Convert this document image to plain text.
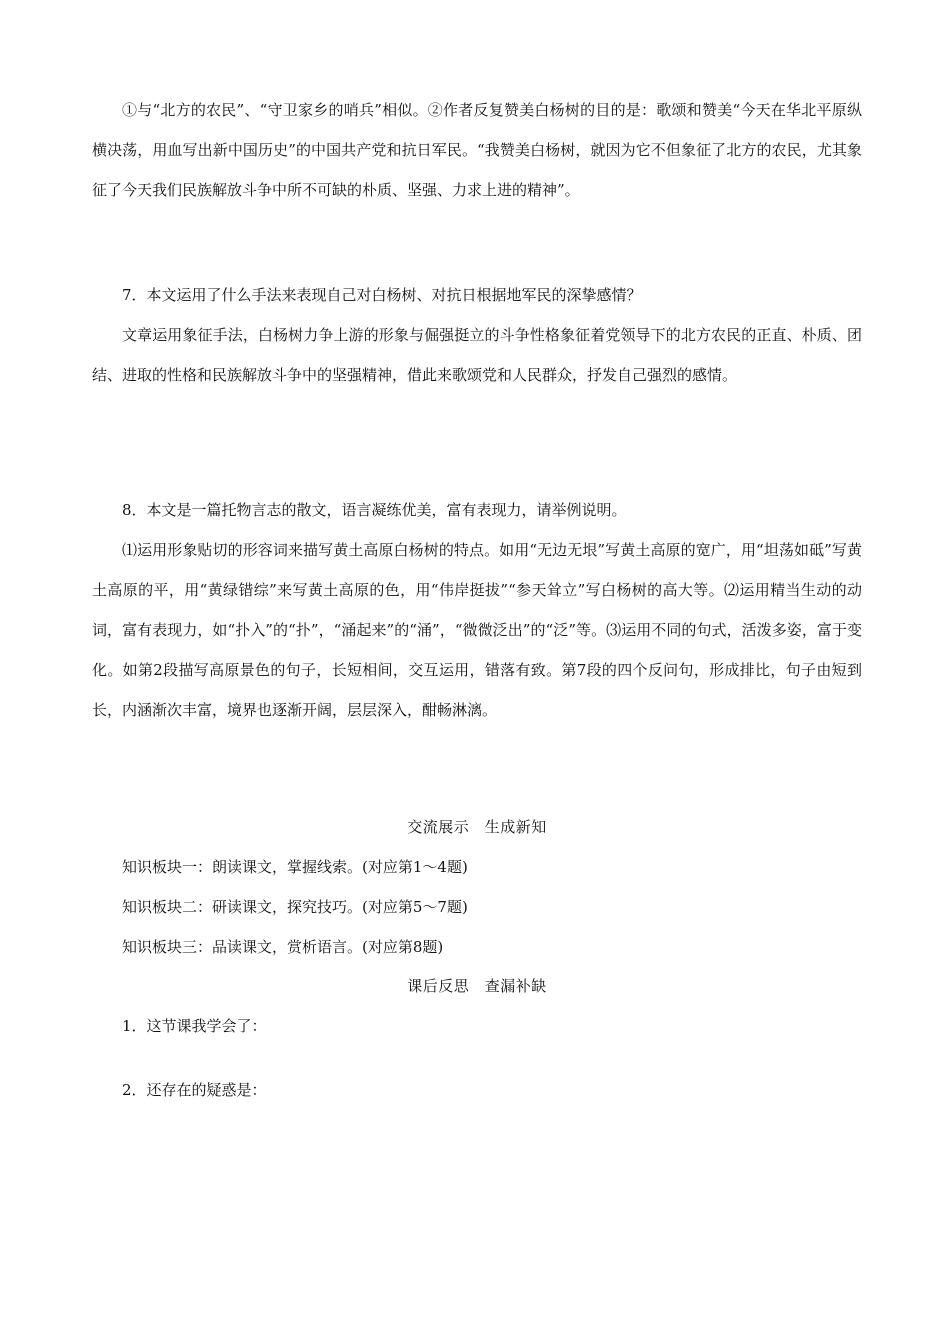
①与“北方的农民”、“守卫家乡的哨兵”相似。②作者反复赞美白杨树的目的是：歌颂和赞美“今天在华北平原纵横决荡，用血写出新中国历史”的中国共产党和抗日军民。“我赞美白杨树，就因为它不但象征了北方的农民，尤其象征了今天我们民族解放斗争中所不可缺的朴质、坚强、力求上进的精神”。

7．本文运用了什么手法来表现自己对白杨树、对抗日根据地军民的深挚感情？

文章运用象征手法，白杨树力争上游的形象与倔强挺立的斗争性格象征着党领导下的北方农民的正直、朴质、团结、进取的性格和民族解放斗争中的坚强精神，借此来歌颂党和人民群众，抒发自己强烈的感情。

8．本文是一篇托物言志的散文，语言凝练优美，富有表现力，请举例说明。

⑴运用形象贴切的形容词来描写黄土高原白杨树的特点。如用“无边无垠”写黄土高原的宽广，用“坦荡如砥”写黄土高原的平，用“黄绿错综”来写黄土高原的色，用“伟岸挺拔”“参天耸立”写白杨树的高大等。⑵运用精当生动的动词，富有表现力，如“扑入”的“扑”，“涌起来”的“涌”，“微微泛出”的“泛”等。⑶运用不同的句式，活泼多姿，富于变化。如第2段描写高原景色的句子，长短相间，交互运用，错落有致。第7段的四个反问句，形成排比，句子由短到长，内涵渐次丰富，境界也逐渐开阔，层层深入，酣畅淋漓。

交流展示　生成新知

知识板块一：朗读课文，掌握线索。(对应第1～4题)

知识板块二：研读课文，探究技巧。(对应第5～7题)

知识板块三：品读课文，赏析语言。(对应第8题)

课后反思　查漏补缺

1．这节课我学会了：

2．还存在的疑惑是：
